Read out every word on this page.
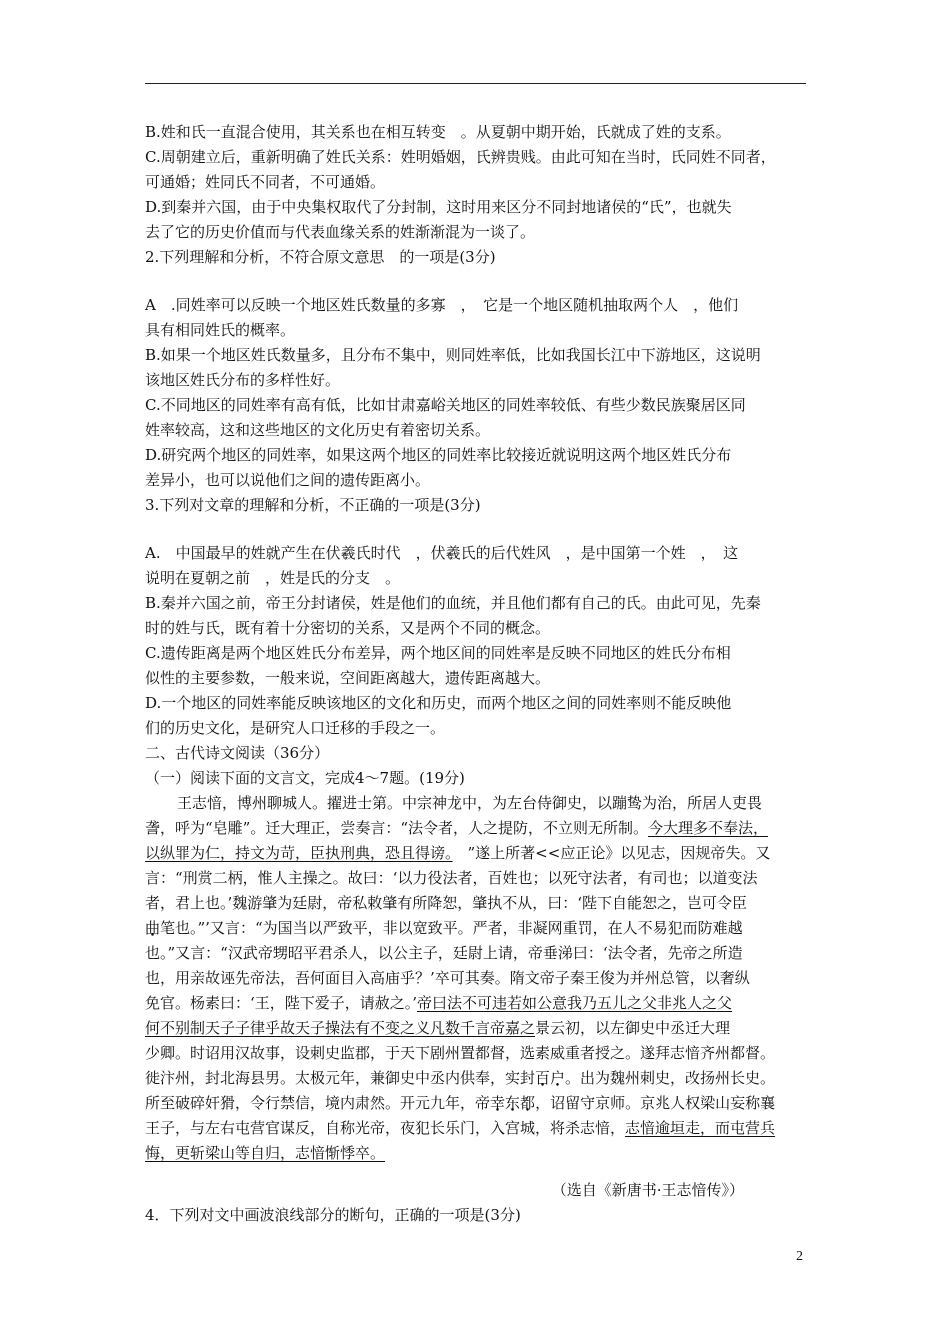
B.姓和氏一直混合使用，其关系也在相互转变　。从夏朝中期开始，氏就成了姓的支系。
C.周朝建立后，重新明确了姓氏关系：姓明婚姻，氏辨贵贱。由此可知在当时，氏同姓不同者，
可通婚；姓同氏不同者，不可通婚。
D.到秦并六国，由于中央集权取代了分封制，这时用来区分不同封地诸侯的“氏”，也就失
去了它的历史价值而与代表血缘关系的姓渐渐混为一谈了。
2.下列理解和分析，不符合原文意思　的一项是(3分)
A　.同姓率可以反映一个地区姓氏数量的多寡　，　它是一个地区随机抽取两个人　，他们
具有相同姓氏的概率。
B.如果一个地区姓氏数量多，且分布不集中，则同姓率低，比如我国长江中下游地区，这说明
该地区姓氏分布的多样性好。
C.不同地区的同姓率有高有低，比如甘肃嘉峪关地区的同姓率较低、有些少数民族聚居区同
姓率较高，这和这些地区的文化历史有着密切关系。
D.研究两个地区的同姓率，如果这两个地区的同姓率比较接近就说明这两个地区姓氏分布
差异小，也可以说他们之间的遗传距离小。
3.下列对文章的理解和分析，不正确的一项是(3分)
A.　中国最早的姓就产生在伏羲氏时代　，伏羲氏的后代姓风　，是中国第一个姓　，　这
说明在夏朝之前　，姓是氏的分支　。
B.秦并六国之前，帝王分封诸侯，姓是他们的血统，并且他们都有自己的氏。由此可见，先秦
时的姓与氏，既有着十分密切的关系，又是两个不同的概念。
C.遗传距离是两个地区姓氏分布差异，两个地区间的同姓率是反映不同地区的姓氏分布相
似性的主要参数，一般来说，空间距离越大，遗传距离越大。
D.一个地区的同姓率能反映该地区的文化和历史，而两个地区之间的同姓率则不能反映他
们的历史文化，是研究人口迁移的手段之一。
二、古代诗文阅读（36分）
（一）阅读下面的文言文，完成4～7题。(19分)
王志愔，博州聊城人。擢进士第。中宗神龙中，为左台侍御史，以蹦鸷为治，所居人吏畏
詟，呼为“皂雕”。迁大理正，尝奏言：“法令者，人之提防，不立则无所制。今大理多不奉法，
以纵罪为仁，持文为苛，臣执刑典，恐且得谤。　”遂上所著<<应正论》以见志，因规帝失。又
言：“刑赏二柄，惟人主操之。故曰：‘以力役法者，百姓也；以死守法者，有司也；以道变法
者，君上也。’魏游肇为廷尉，帝私敕肇有所降恕，肇执不从，曰：‘陛下自能恕之，岂可令臣
曲笔也。”’又言：“为国当以严致平，非以宽致平。严者，非凝网重罚，在人不易犯而防难越
也。”又言：“汉武帝甥昭平君杀人，以公主子，廷尉上请，帝垂涕曰：‘法令者，先帝之所造
也，用亲故诬先帝法，吾何面目入高庙乎？’卒可其奏。隋文帝子秦王俊为并州总管，以奢纵
免官。杨素曰：‘王，陛下爱子，请赦之。’帝曰法不可违若如公意我乃五儿之父非兆人之父
何不别制天子子律乎故天子操法有不变之义凡数千言帝嘉之景云初，以左御史中丞迁大理
少卿。时诏用汉故事，设刺史监郡，于天下剧州置都督，选素威重者授之。遂拜志愔齐州都督。
徙汴州，封北海县男。太极元年，兼御史中丞内供奉，实封百户。出为魏州刺史，改扬州长史。
所至破碎奸猾，令行禁信，境内肃然。开元九年，帝幸东都，诏留守京师。京兆人权梁山妄称襄
王子，与左右屯营官谋反，自称光帝，夜犯长乐门，入宫城，将杀志愔，志愔逾垣走，而屯营兵
悔，更斩梁山等自归，志愔惭悸卒。
（选自《新唐书·王志愔传》）
4．下列对文中画波浪线部分的断句，正确的一项是(3分)
2
